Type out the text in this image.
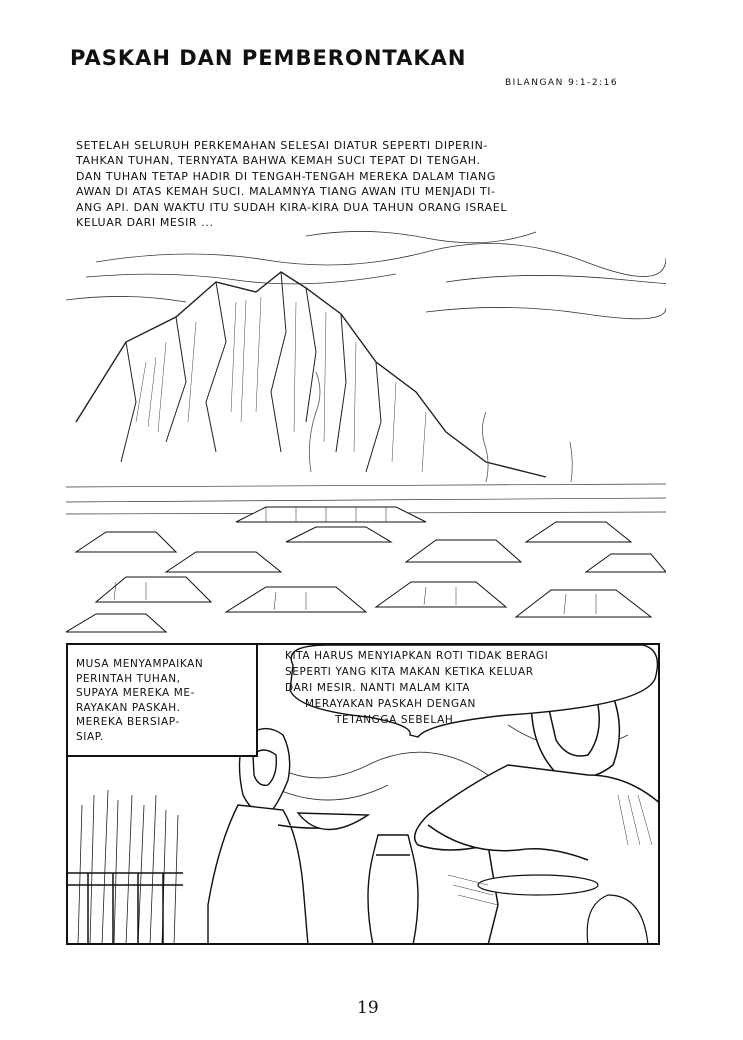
PASKAH DAN PEMBERONTAKAN
BILANGAN 9:1-2:16
SETELAH SELURUH PERKEMAHAN SELESAI DIATUR SEPERTI DIPERIN-
TAHKAN TUHAN, TERNYATA BAHWA KEMAH SUCI TEPAT DI TENGAH.
DAN TUHAN TETAP HADIR DI TENGAH-TENGAH MEREKA DALAM TIANG
AWAN DI ATAS KEMAH SUCI. MALAMNYA TIANG AWAN ITU MENJADI TI-
ANG API. DAN WAKTU ITU SUDAH KIRA-KIRA DUA TAHUN ORANG ISRAEL
KELUAR DARI MESIR ...
MUSA MENYAMPAIKAN
PERINTAH TUHAN,
SUPAYA MEREKA ME-
RAYAKAN PASKAH.
MEREKA BERSIAP-
SIAP.
KITA HARUS MENYIAPKAN ROTI TIDAK BERAGI
SEPERTI YANG KITA MAKAN KETIKA KELUAR
DARI MESIR. NANTI MALAM KITA
MERAYAKAN PASKAH DENGAN
TETANGGA SEBELAH.
19
